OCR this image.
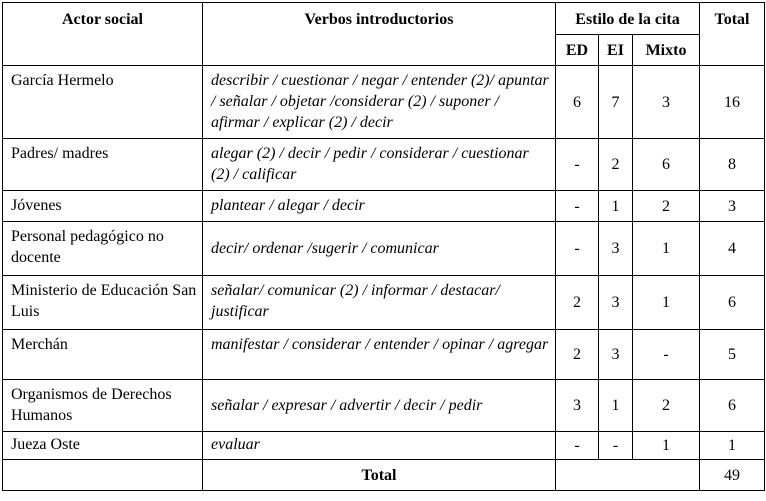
Actor social	Verbos introductorios	Estilo de la cita			Total
		ED	EI	Mixto	
García Hermelo	describir / cuestionar / negar / entender (2)/ apuntar / señalar / objetar /considerar (2) / suponer / afirmar / explicar (2) / decir	6	7	3	16
Padres/ madres	alegar (2) / decir / pedir / considerar / cuestionar (2) / calificar	-	2	6	8
Jóvenes	plantear / alegar / decir	-	1	2	3
Personal pedagógico no docente	decir/ ordenar /sugerir / comunicar	-	3	1	4
Ministerio de Educación San Luis	señalar/ comunicar (2) / informar / destacar/ justificar	2	3	1	6
Merchán	manifestar / considerar / entender / opinar / agregar	2	3	-	5
Organismos de Derechos Humanos	señalar / expresar / advertir / decir / pedir	3	1	2	6
Jueza Oste	evaluar	-	-	1	1
	Total				49
